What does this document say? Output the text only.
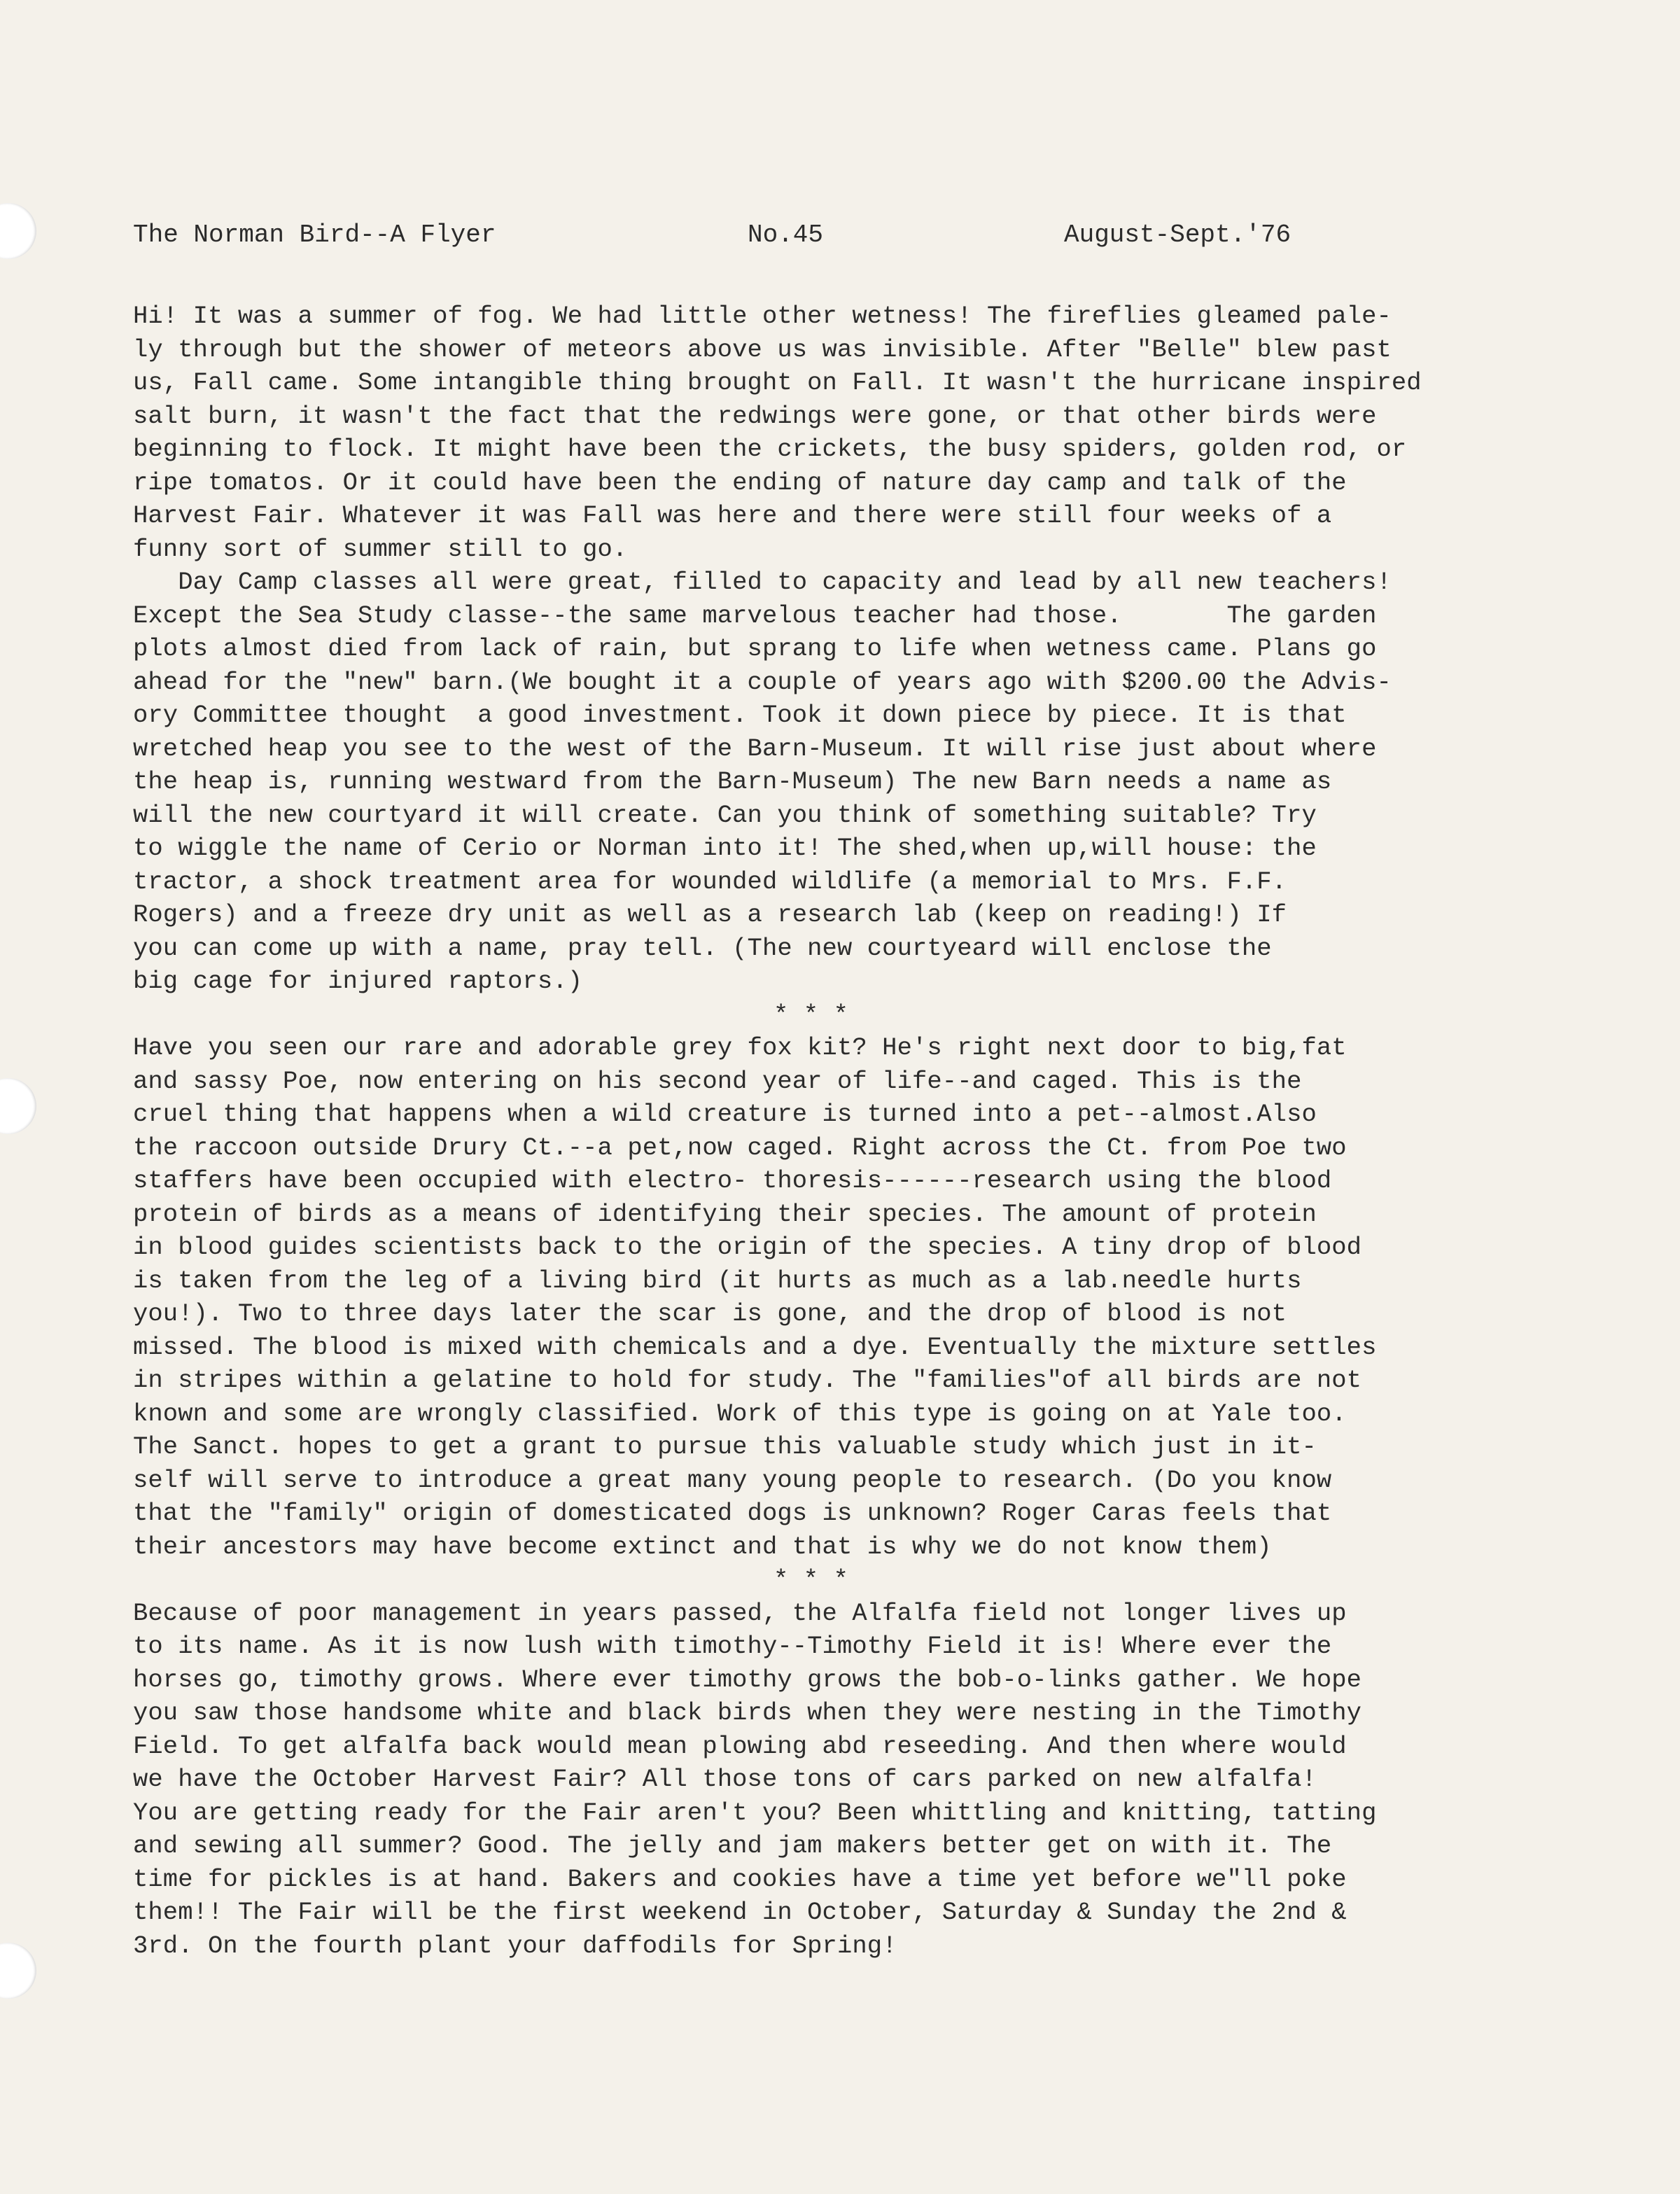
The Norman Bird--A Flyer

	No.45

	August-Sept.'76

Hi! It was a summer of fog. We had little other wetness! The fireflies gleamed pale-
ly through but the shower of meteors above us was invisible. After "Belle" blew past
us, Fall came. Some intangible thing brought on Fall. It wasn't the hurricane inspired
salt burn, it wasn't the fact that the redwings were gone, or that other birds were
beginning to flock. It might have been the crickets, the busy spiders, golden rod, or
ripe tomatos. Or it could have been the ending of nature day camp and talk of the
Harvest Fair. Whatever it was Fall was here and there were still four weeks of a
funny sort of summer still to go.
Day Camp classes all were great, filled to capacity and lead by all new teachers!
Except the Sea Study classe--the same marvelous teacher had those.       The garden
plots almost died from lack of rain, but sprang to life when wetness came. Plans go
ahead for the "new" barn.(We bought it a couple of years ago with $200.00 the Advis-
ory Committee thought  a good investment. Took it down piece by piece. It is that
wretched heap you see to the west of the Barn-Museum. It will rise just about where
the heap is, running westward from the Barn-Museum) The new Barn needs a name as
will the new courtyard it will create. Can you think of something suitable? Try
to wiggle the name of Cerio or Norman into it! The shed,when up,will house: the
tractor, a shock treatment area for wounded wildlife (a memorial to Mrs. F.F.
Rogers) and a freeze dry unit as well as a research lab (keep on reading!) If
you can come up with a name, pray tell. (The new courtyeard will enclose the
big cage for injured raptors.)
* * *
Have you seen our rare and adorable grey fox kit? He's right next door to big,fat
and sassy Poe, now entering on his second year of life--and caged. This is the
cruel thing that happens when a wild creature is turned into a pet--almost.Also
the raccoon outside Drury Ct.--a pet,now caged. Right across the Ct. from Poe two
staffers have been occupied with electro- thoresis------research using the blood
protein of birds as a means of identifying their species. The amount of protein
in blood guides scientists back to the origin of the species. A tiny drop of blood
is taken from the leg of a living bird (it hurts as much as a lab.needle hurts
you!). Two to three days later the scar is gone, and the drop of blood is not
missed. The blood is mixed with chemicals and a dye. Eventually the mixture settles
in stripes within a gelatine to hold for study. The "families"of all birds are not
known and some are wrongly classified. Work of this type is going on at Yale too.
The Sanct. hopes to get a grant to pursue this valuable study which just in it-
self will serve to introduce a great many young people to research. (Do you know
that the "family" origin of domesticated dogs is unknown? Roger Caras feels that
their ancestors may have become extinct and that is why we do not know them)
* * *
Because of poor management in years passed, the Alfalfa field not longer lives up
to its name. As it is now lush with timothy--Timothy Field it is! Where ever the
horses go, timothy grows. Where ever timothy grows the bob-o-links gather. We hope
you saw those handsome white and black birds when they were nesting in the Timothy
Field. To get alfalfa back would mean plowing abd reseeding. And then where would
we have the October Harvest Fair? All those tons of cars parked on new alfalfa!
You are getting ready for the Fair aren't you? Been whittling and knitting, tatting
and sewing all summer? Good. The jelly and jam makers better get on with it. The
time for pickles is at hand. Bakers and cookies have a time yet before we"ll poke
them!! The Fair will be the first weekend in October, Saturday & Sunday the 2nd &
3rd. On the fourth plant your daffodils for Spring!
